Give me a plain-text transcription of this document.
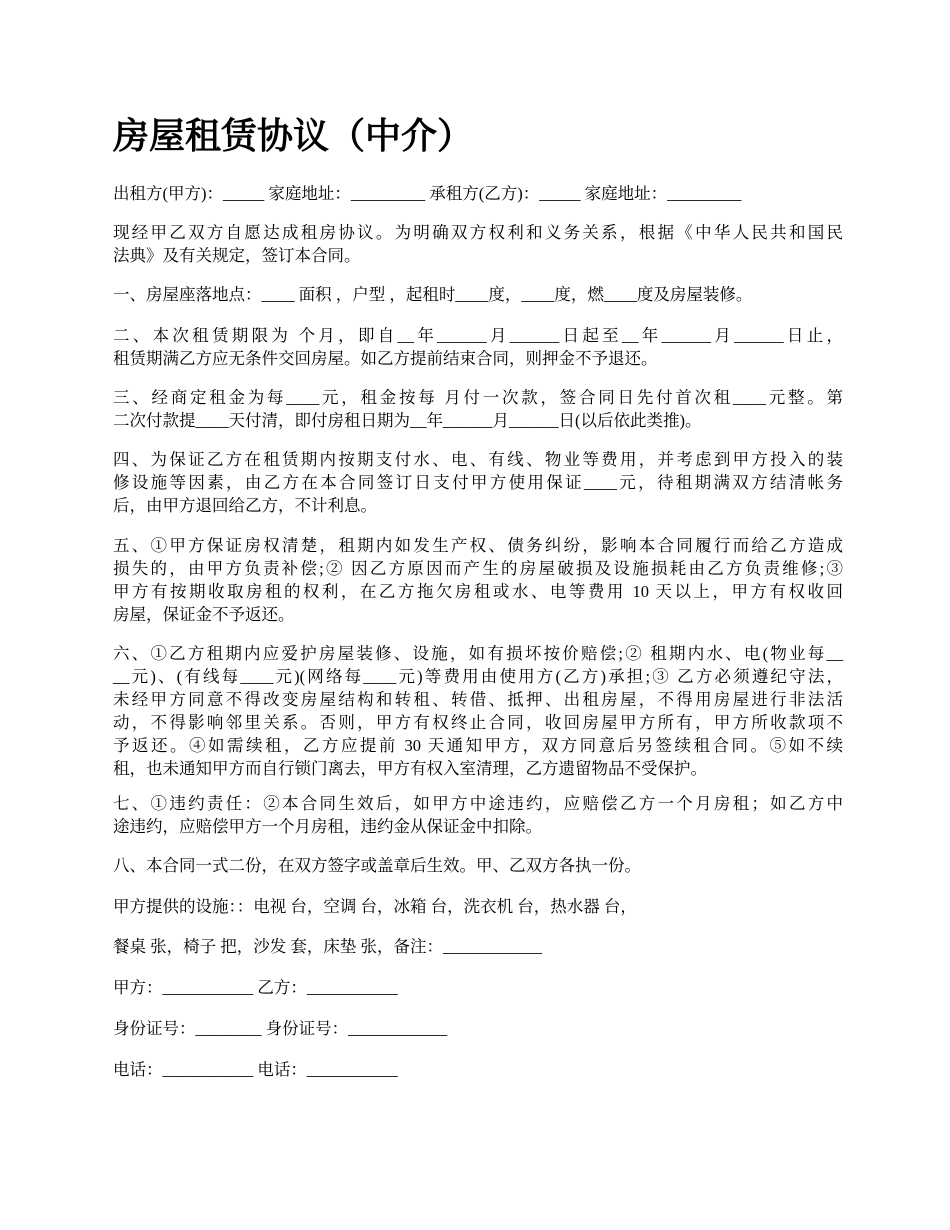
房屋租赁协议（中介）
出租方(甲方)：_____ 家庭地址：_________ 承租方(乙方)：_____ 家庭地址：_________
现经甲乙双方自愿达成租房协议。为明确双方权利和义务关系，根据《中华人民共和国民
法典》及有关规定，签订本合同。
一、房屋座落地点：____ 面积 ，户型 ，起租时____度，____度，燃____度及房屋装修。
二、本次租赁期限为 个月，即自__年______月______日起至__年______月______日止，
租赁期满乙方应无条件交回房屋。如乙方提前结束合同，则押金不予退还。
三、经商定租金为每____元，租金按每 月付一次款，签合同日先付首次租____元整。第
二次付款提____天付清，即付房租日期为__年______月______日(以后依此类推)。
四、为保证乙方在租赁期内按期支付水、电、有线、物业等费用，并考虑到甲方投入的装
修设施等因素，由乙方在本合同签订日支付甲方使用保证____元，待租期满双方结清帐务
后，由甲方退回给乙方，不计利息。
五、①甲方保证房权清楚，租期内如发生产权、债务纠纷，影响本合同履行而给乙方造成
损失的，由甲方负责补偿;② 因乙方原因而产生的房屋破损及设施损耗由乙方负责维修;③
甲方有按期收取房租的权利，在乙方拖欠房租或水、电等费用 10 天以上，甲方有权收回
房屋，保证金不予返还。
六、①乙方租期内应爱护房屋装修、设施，如有损坏按价赔偿;② 租期内水、电(物业每__
__元)、(有线每____元)(网络每____元)等费用由使用方(乙方)承担;③ 乙方必须遵纪守法，
未经甲方同意不得改变房屋结构和转租、转借、抵押、出租房屋，不得用房屋进行非法活
动，不得影响邻里关系。否则，甲方有权终止合同，收回房屋甲方所有，甲方所收款项不
予返还。④如需续租，乙方应提前 30 天通知甲方，双方同意后另签续租合同。⑤如不续
租，也未通知甲方而自行锁门离去，甲方有权入室清理，乙方遗留物品不受保护。
七、①违约责任：②本合同生效后，如甲方中途违约，应赔偿乙方一个月房租；如乙方中
途违约，应赔偿甲方一个月房租，违约金从保证金中扣除。
八、本合同一式二份，在双方签字或盖章后生效。甲、乙双方各执一份。
甲方提供的设施：：电视 台，空调 台，冰箱 台，洗衣机 台，热水器 台，
餐桌 张，椅子 把，沙发 套，床垫 张，备注：____________
甲方：___________ 乙方：___________
身份证号：________ 身份证号：____________
电话：___________ 电话：___________
